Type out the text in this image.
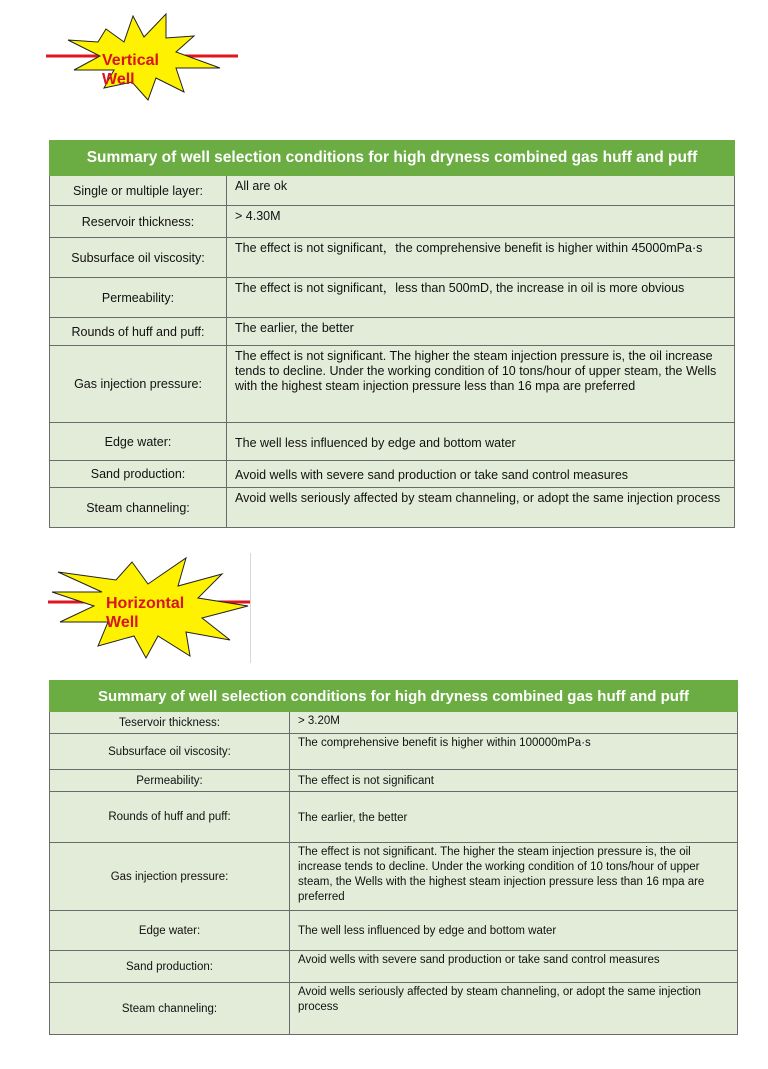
Vertical
Well
Summary of well selection conditions for high dryness combined gas huff and puff	
Single or multiple layer:	All are ok
Reservoir thickness:	> 4.30M
Subsurface oil viscosity:	The effect is not significant，the comprehensive benefit is higher within 45000mPa·s
Permeability:	The effect is not significant，less than 500mD, the increase in oil is more obvious
Rounds of huff and puff:	The earlier, the better
Gas injection pressure:	The effect is not significant. The higher the steam injection pressure is, the oil increase tends to decline. Under the working condition of 10 tons/hour of upper steam, the Wells with the highest steam injection pressure less than 16 mpa are preferred
Edge water:	The well less influenced by edge and bottom water
Sand production:	Avoid wells with severe sand production or take sand control measures
Steam channeling:	Avoid wells seriously affected by steam channeling, or adopt the same injection process
Horizontal
Well
Summary of well selection conditions for high dryness combined gas huff and puff	
Teservoir thickness:	> 3.20M
Subsurface oil viscosity:	The comprehensive benefit is higher within 100000mPa·s
Permeability:	The effect is not significant
Rounds of huff and puff:	The earlier, the better
Gas injection pressure:	The effect is not significant. The higher the steam injection pressure is, the oil increase tends to decline. Under the working condition of 10 tons/hour of upper steam, the Wells with the highest steam injection pressure less than 16 mpa are preferred
Edge water:	The well less influenced by edge and bottom water
Sand production:	Avoid wells with severe sand production or take sand control measures
Steam channeling:	Avoid wells seriously affected by steam channeling, or adopt the same injection process
